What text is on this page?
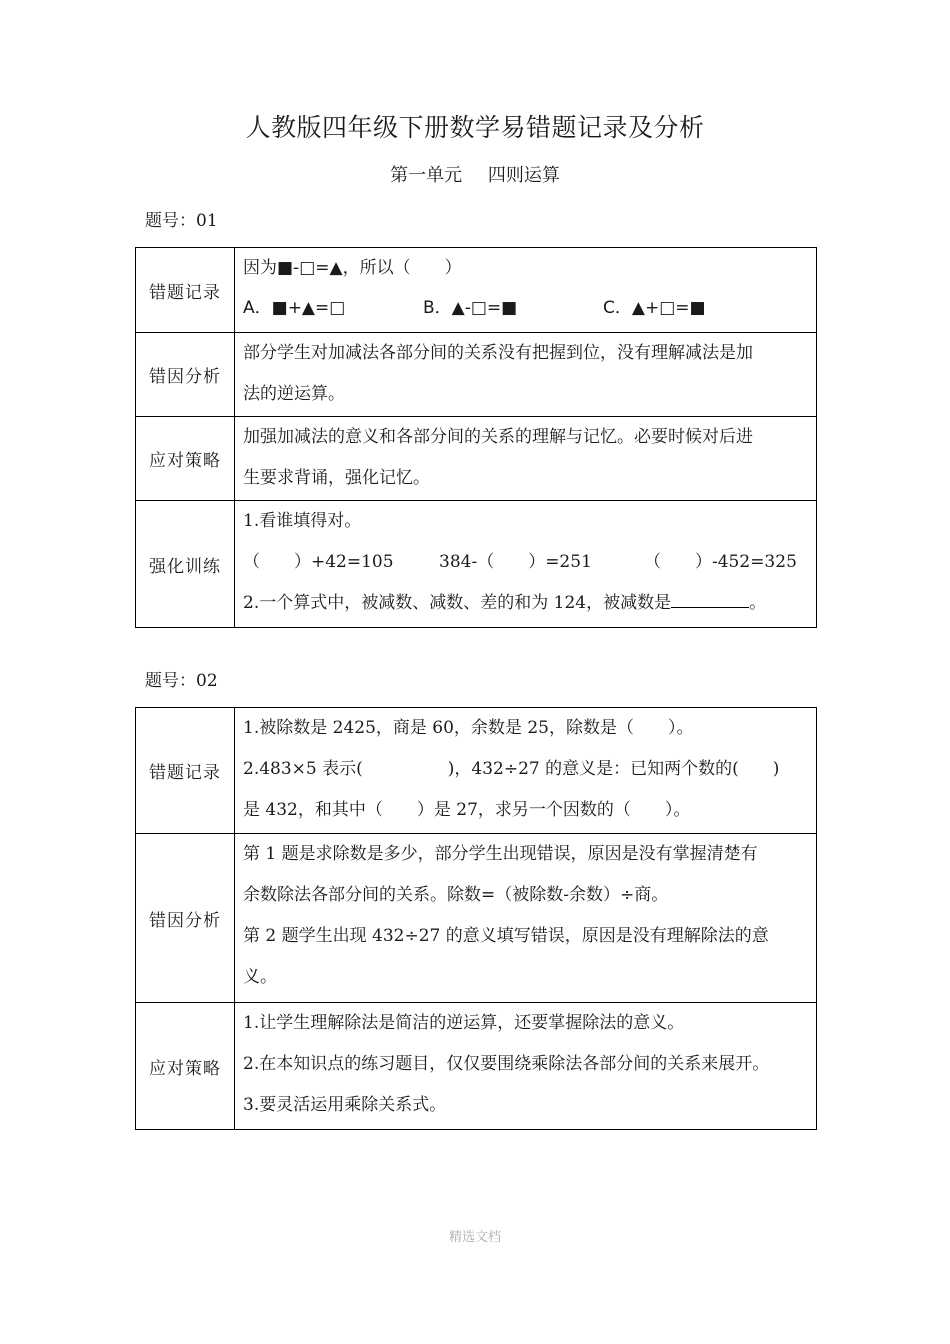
人教版四年级下册数学易错题记录及分析
第一单元 四则运算
题号：01
错题记录	因为■-□=▲，所以（　　）
A．■+▲=□ B．▲-□=■ C．▲+□=■

错因分析	部分学生对加减法各部分间的关系没有把握到位，没有理解减法是加
法的逆运算。

应对策略	加强加减法的意义和各部分间的关系的理解与记忆。必要时候对后进
生要求背诵，强化记忆。

强化训练	1.看谁填得对。
（　　）+42=105 384-（　　）=251 （　　）-452=325
2.一个算式中，被减数、减数、差的和为 124，被减数是 。
题号：02
错题记录	1.被除数是 2425，商是 60，余数是 25，除数是（　　）。
2.483×5 表示(　　　　　)，432÷27 的意义是：已知两个数的(　　)
是 432，和其中（　　）是 27，求另一个因数的（　　）。

错因分析	第 1 题是求除数是多少，部分学生出现错误，原因是没有掌握清楚有
余数除法各部分间的关系。除数=（被除数-余数）÷商。
第 2 题学生出现 432÷27 的意义填写错误，原因是没有理解除法的意
义。

应对策略	1.让学生理解除法是简洁的逆运算，还要掌握除法的意义。
2.在本知识点的练习题目，仅仅要围绕乘除法各部分间的关系来展开。
3.要灵活运用乘除关系式。
精选文档
